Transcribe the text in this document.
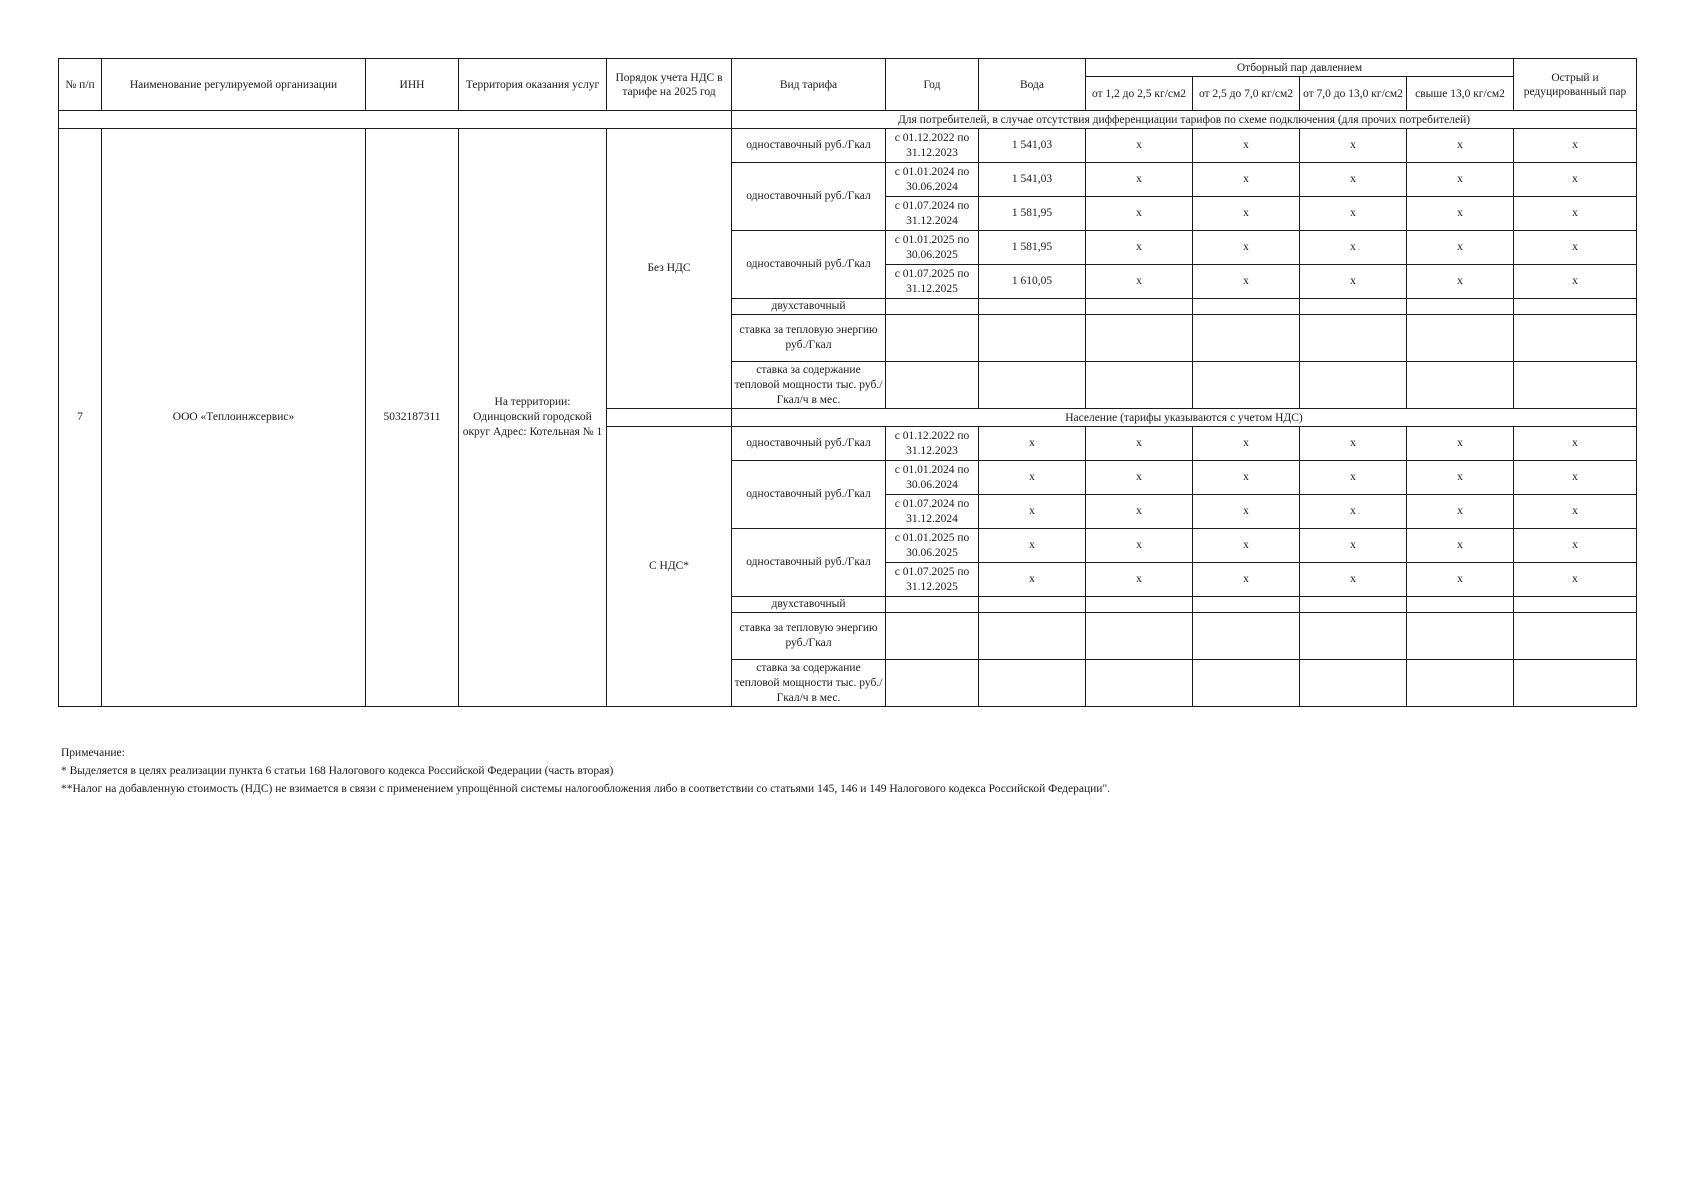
№ п/п	Наименование регулируемой организации	ИНН	Территория оказания услуг	Порядок учета НДС в тарифе на 2025 год	Вид тарифа	Год	Вода	Отборный пар давлением				Острый и редуцированный пар
								от 1,2 до 2,5 кг/см2	от 2,5 до 7,0 кг/см2	от 7,0 до 13,0 кг/см2	свыше 13,0 кг/см2	
					Для потребителей, в случае отсутствия дифференциации тарифов по схеме подключения (для прочих потребителей)							
7	ООО «Теплоинжсервис»	5032187311	На территории: Одинцовский городской округ Адрес: Котельная № 1	Без НДС	одноставочный руб./Гкал	с 01.12.2022 по 31.12.2023	1 541,03	х	х	х	х	х
					одноставочный руб./Гкал	с 01.01.2024 по 30.06.2024	1 541,03	х	х	х	х	х
						с 01.07.2024 по 31.12.2024	1 581,95	х	х	х	х	х
					одноставочный руб./Гкал	с 01.01.2025 по 30.06.2025	1 581,95	х	х	х	х	х
						с 01.07.2025 по 31.12.2025	1 610,05	х	х	х	х	х
					двухставочный							
					ставка за тепловую энергию руб./Гкал							
					ставка за содержание тепловой мощности тыс. руб./Гкал/ч в мес.							
					Население (тарифы указываются с учетом НДС)							
				С НДС*	одноставочный руб./Гкал	с 01.12.2022 по 31.12.2023	х	х	х	х	х	х
					одноставочный руб./Гкал	с 01.01.2024 по 30.06.2024	х	х	х	х	х	х
						с 01.07.2024 по 31.12.2024	х	х	х	х	х	х
					одноставочный руб./Гкал	с 01.01.2025 по 30.06.2025	х	х	х	х	х	х
						с 01.07.2025 по 31.12.2025	х	х	х	х	х	х
					двухставочный							
					ставка за тепловую энергию руб./Гкал							
					ставка за содержание тепловой мощности тыс. руб./Гкал/ч в мес.							
Примечание:
* Выделяется в целях реализации пункта 6 статьи 168 Налогового кодекса Российской Федерации (часть вторая)
**Налог на добавленную стоимость (НДС) не взимается в связи с применением упрощённой системы налогообложения либо в соответствии со статьями 145, 146 и 149 Налогового кодекса Российской Федерации".
